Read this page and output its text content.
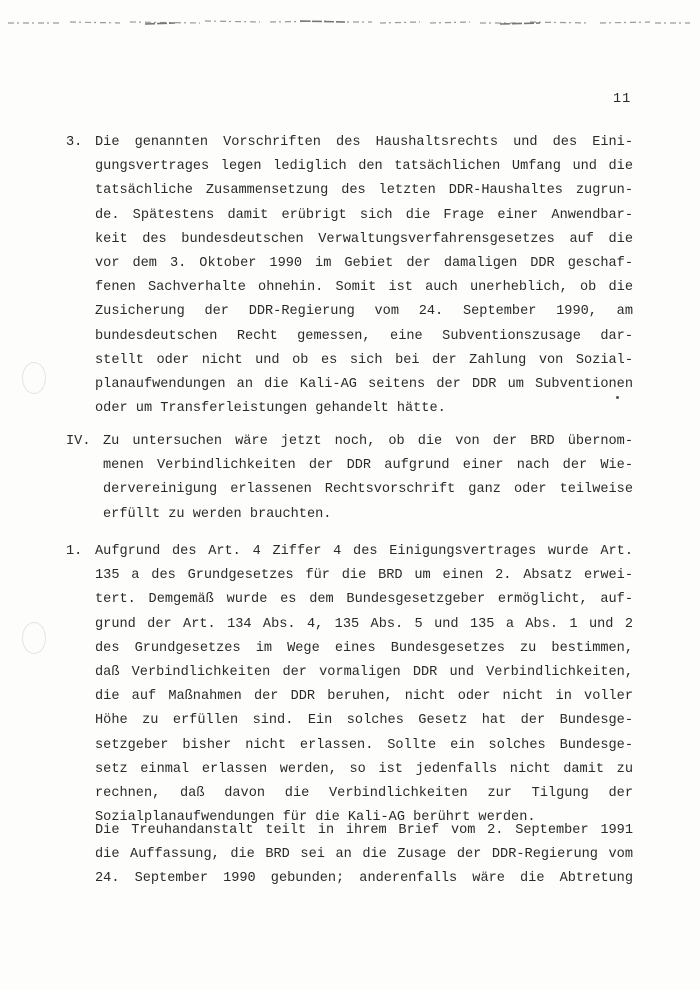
11
3. Die genannten Vorschriften des Haushaltsrechts und des Eini-

gungsvertrages legen lediglich den tatsächlichen Umfang und die

tatsächliche Zusammensetzung des letzten DDR-Haushaltes zugrun-

de. Spätestens damit erübrigt sich die Frage einer Anwendbar-

keit des bundesdeutschen Verwaltungsverfahrensgesetzes auf die

vor dem 3. Oktober 1990 im Gebiet der damaligen DDR geschaf-

fenen Sachverhalte ohnehin. Somit ist auch unerheblich, ob die

Zusicherung der DDR-Regierung vom 24. September 1990, am

bundesdeutschen Recht gemessen, eine Subventionszusage dar-

stellt oder nicht und ob es sich bei der Zahlung von Sozial-

planaufwendungen an die Kali-AG seitens der DDR um Subventionen

oder um Transferleistungen gehandelt hätte.

IV. Zu untersuchen wäre jetzt noch, ob die von der BRD übernom-

menen Verbindlichkeiten der DDR aufgrund einer nach der Wie-

dervereinigung erlassenen Rechtsvorschrift ganz oder teilweise

erfüllt zu werden brauchten.

1. Aufgrund des Art. 4 Ziffer 4 des Einigungsvertrages wurde Art.

135 a des Grundgesetzes für die BRD um einen 2. Absatz erwei-

tert. Demgemäß wurde es dem Bundesgesetzgeber ermöglicht, auf-

grund der Art. 134 Abs. 4, 135 Abs. 5 und 135 a Abs. 1 und 2

des Grundgesetzes im Wege eines Bundesgesetzes zu bestimmen,

daß Verbindlichkeiten der vormaligen DDR und Verbindlichkeiten,

die auf Maßnahmen der DDR beruhen, nicht oder nicht in voller

Höhe zu erfüllen sind. Ein solches Gesetz hat der Bundesge-

setzgeber bisher nicht erlassen. Sollte ein solches Bundesge-

setz einmal erlassen werden, so ist jedenfalls nicht damit zu

rechnen, daß davon die Verbindlichkeiten zur Tilgung der

Sozialplanaufwendungen für die Kali-AG berührt werden.

Die Treuhandanstalt teilt in ihrem Brief vom 2. September 1991

die Auffassung, die BRD sei an die Zusage der DDR-Regierung vom

24. September 1990 gebunden; anderenfalls wäre die Abtretung
